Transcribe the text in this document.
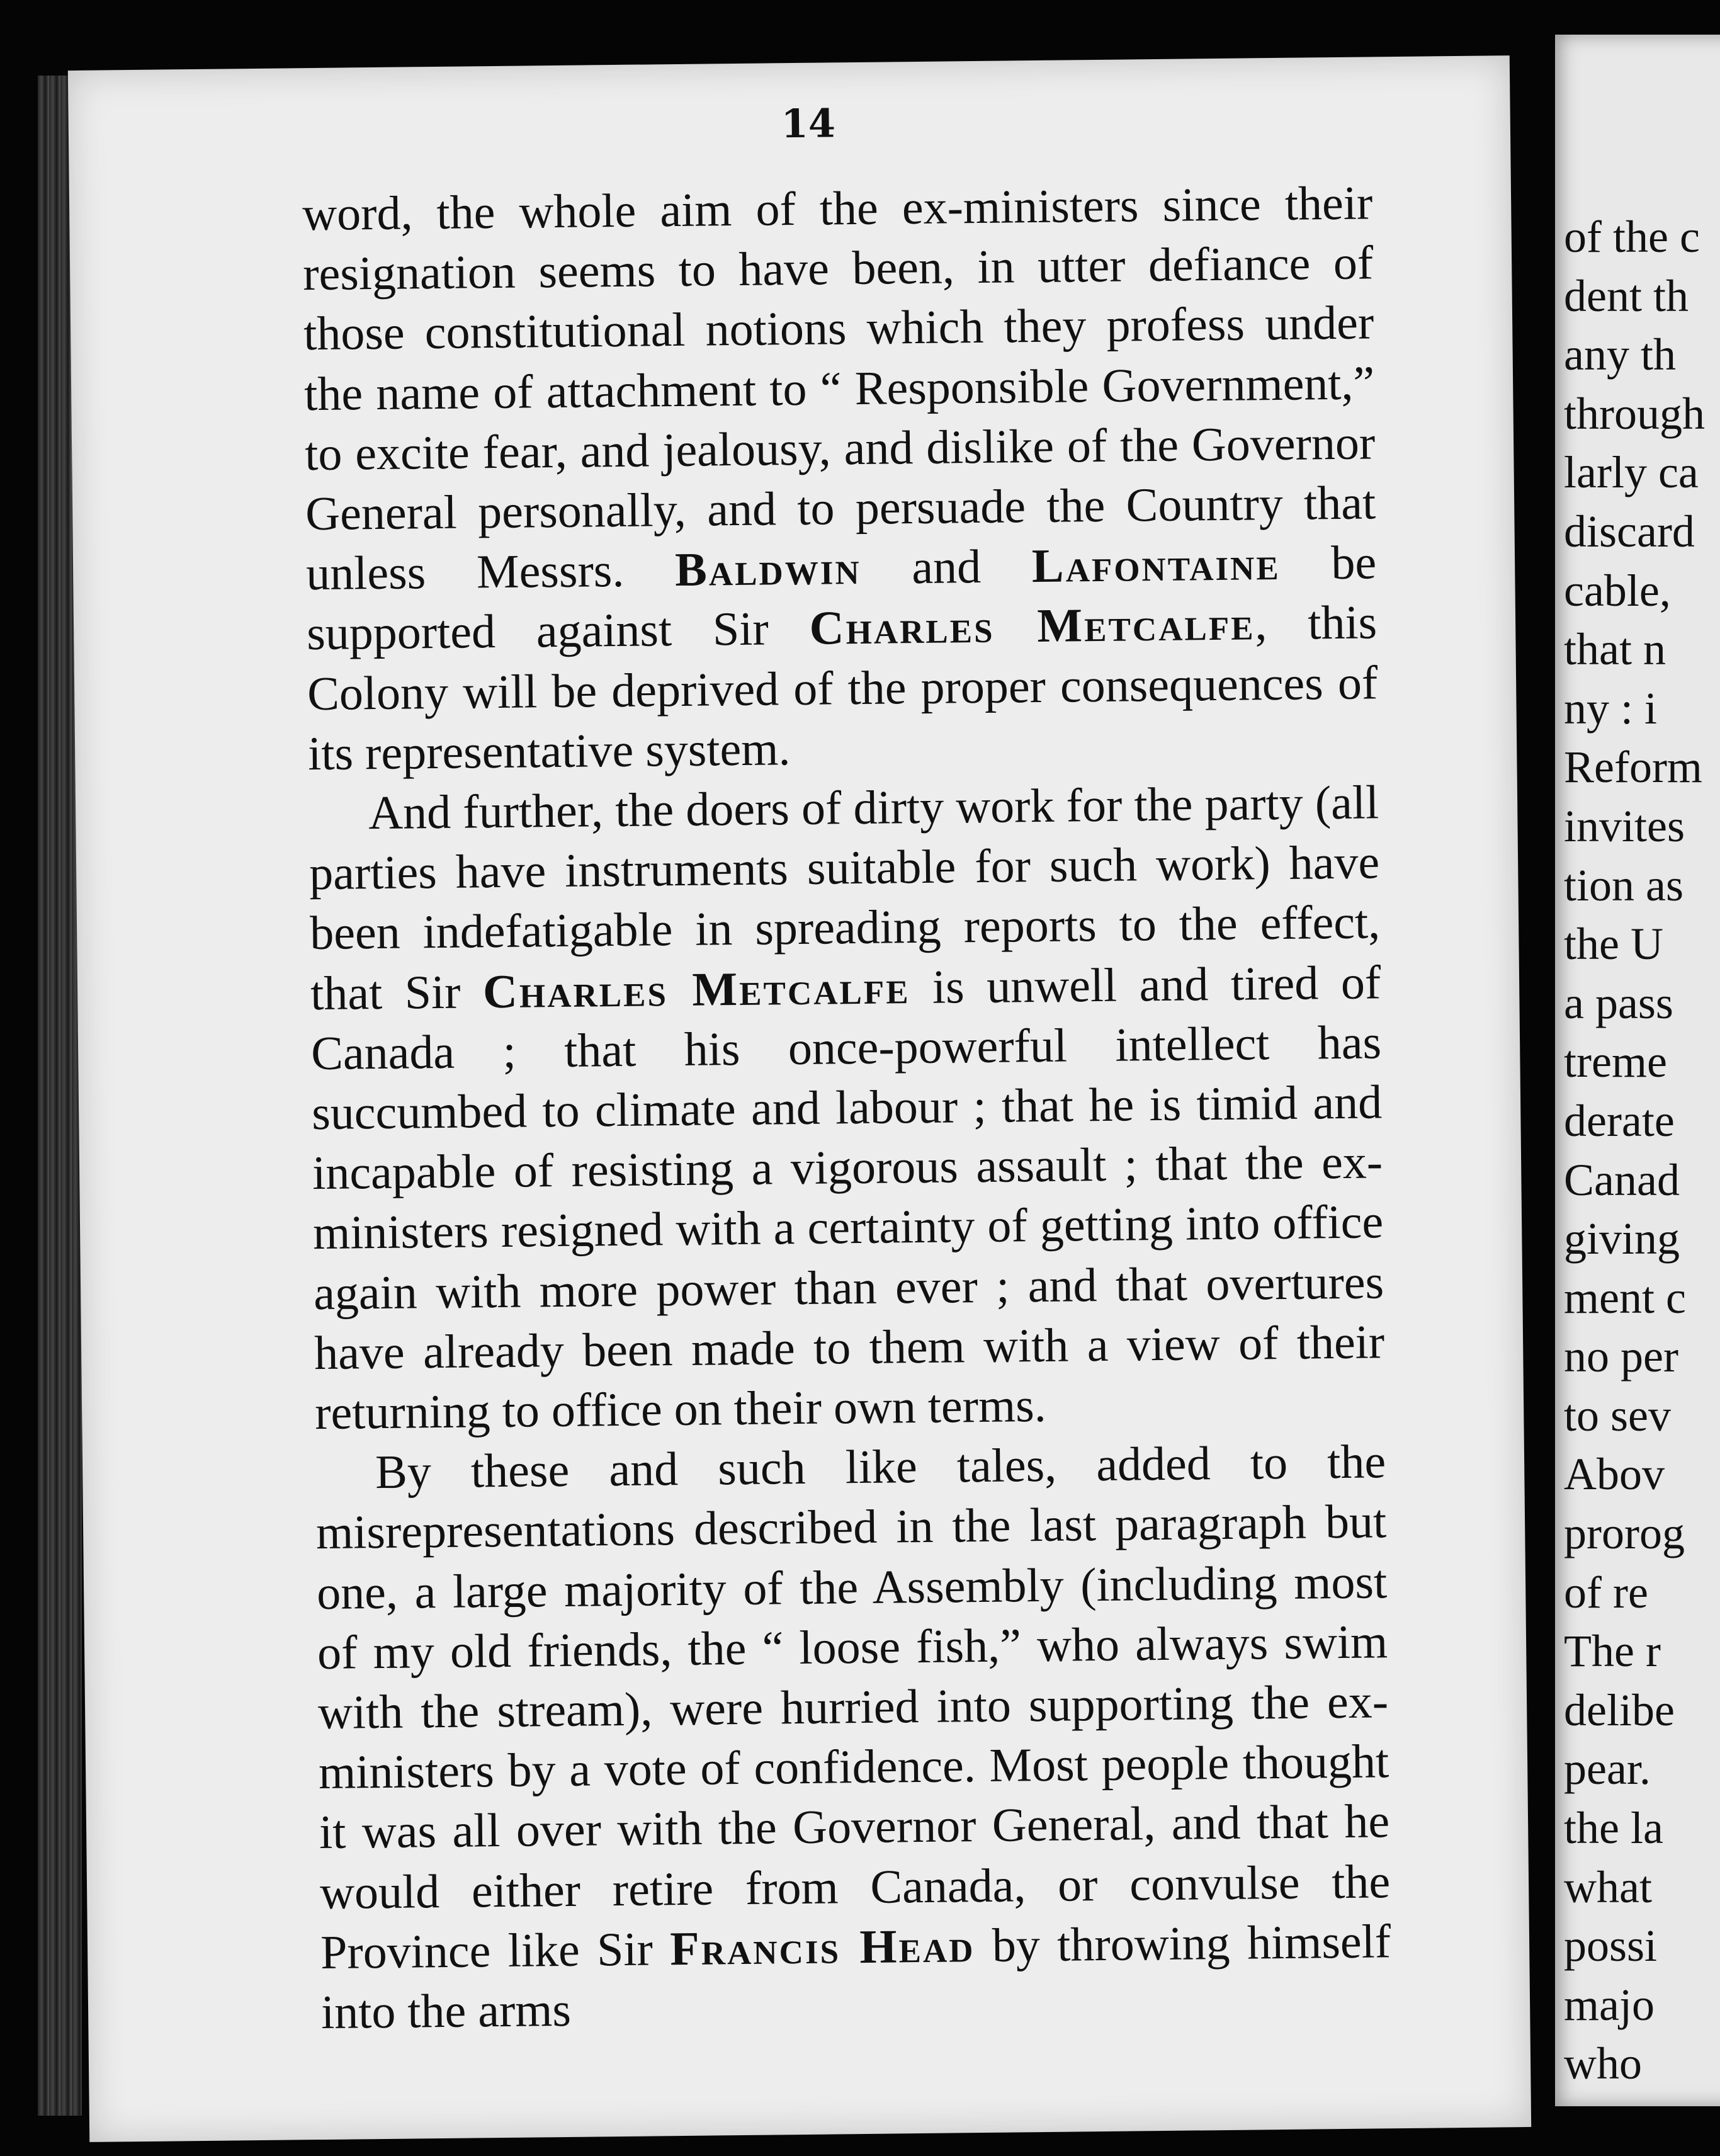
14

word, the whole aim of the ex-ministers since their resignation seems to have been, in utter defiance of those constitutional notions which they profess under the name of attachment to “ Responsible Government,” to excite fear, and jealousy, and dislike of the Governor General personally, and to persuade the Country that unless Messrs. Baldwin and Lafontaine be supported against Sir Charles Metcalfe, this Colony will be deprived of the proper consequences of its representative system.

And further, the doers of dirty work for the party (all parties have instruments suitable for such work) have been indefatigable in spreading reports to the effect, that Sir Charles Metcalfe is unwell and tired of Canada ; that his once-powerful intellect has succumbed to climate and labour ; that he is timid and incapable of resisting a vigorous assault ; that the ex-ministers resigned with a certainty of getting into office again with more power than ever ; and that overtures have already been made to them with a view of their returning to office on their own terms.

By these and such like tales, added to the misrepresentations described in the last paragraph but one, a large majority of the Assembly (including most of my old friends, the “ loose fish,” who always swim with the stream), were hurried into supporting the ex-ministers by a vote of confidence. Most people thought it was all over with the Governor General, and that he would either retire from Canada, or convulse the Province like Sir Francis Head by throwing himself into the arms

of the c
dent th
any th
through
larly ca
discard
cable,
that n
ny : i
Reform
invites
tion as
the U
a pass
treme
derate
Canad
giving
ment c
no per
to sev
Abov
prorog
of re
The r
delibe
pear.
the la
what
possi
majo
who
